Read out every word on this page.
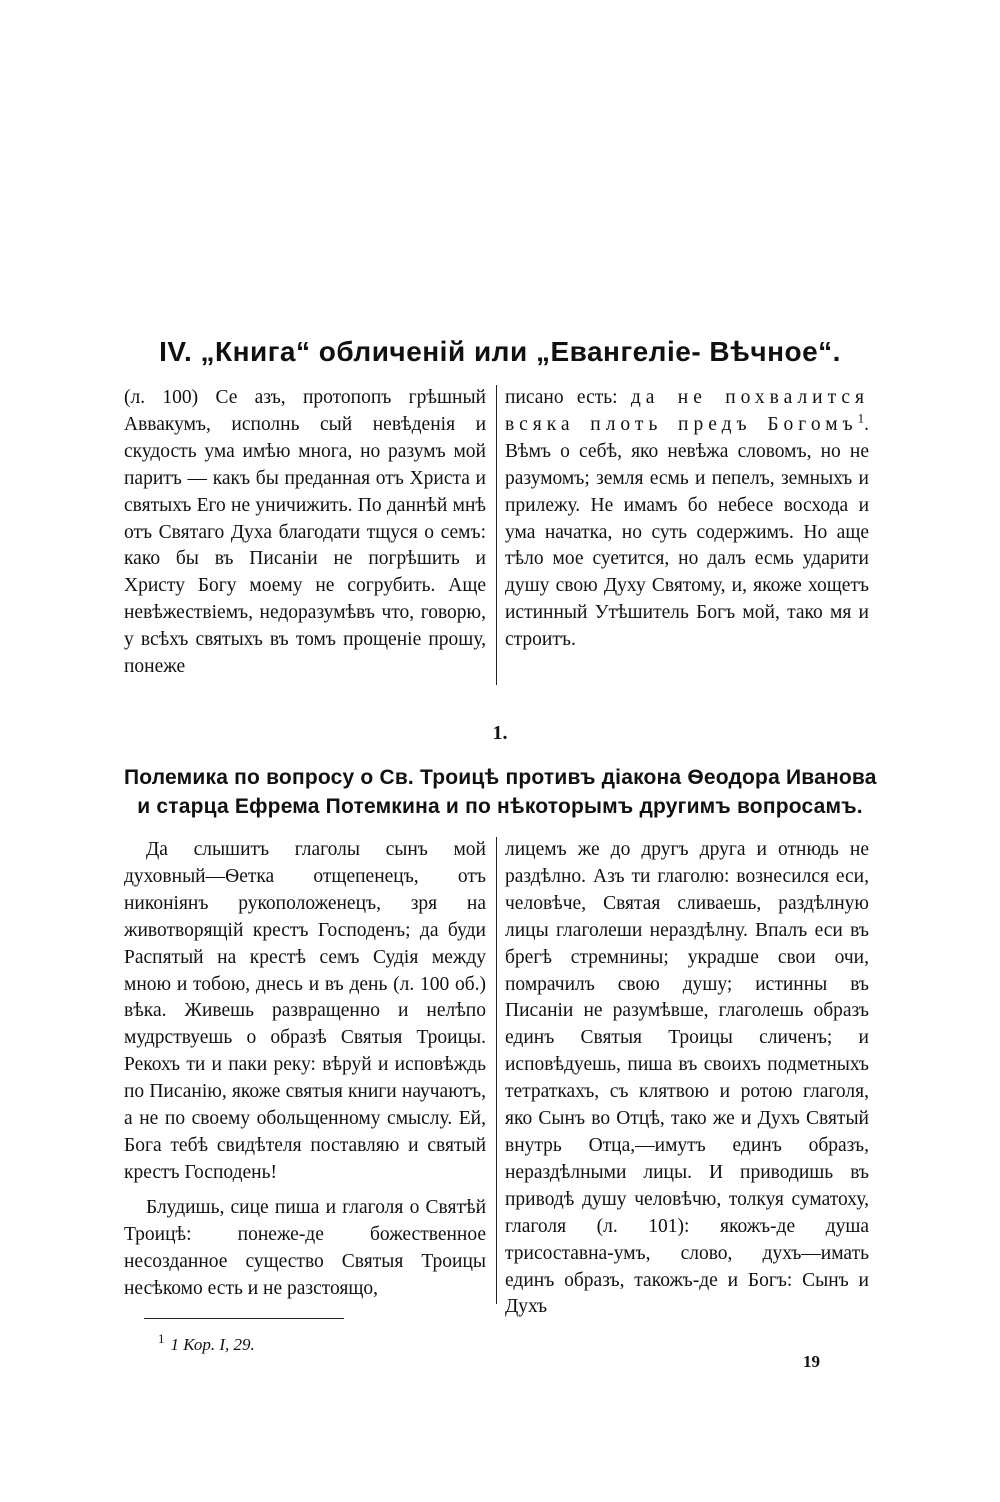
IV. „Книга“ обличеній или „Евангеліе- Вѣчное“.

(л. 100) Се азъ, протопопъ грѣшный Аввакумъ, исполнь сый невѣденія и скудость ума имѣю многа, но разумъ мой паритъ — какъ бы преданная отъ Христа и святыхъ Его не уничижить. По даннѣй мнѣ отъ Святаго Духа благодати тщуся о семъ: како бы въ Писаніи не погрѣшить и Христу Богу моему не согрубить. Аще невѣжествіемъ, недоразумѣвъ что, говорю, у всѣхъ святыхъ въ томъ прощеніе прошу, понеже

писано есть: да не похвалится всяка плоть предъ Богомъ$^1$. Вѣмъ о себѣ, яко невѣжа словомъ, но не разумомъ; земля есмь и пепелъ, земныхъ и прилежу. Не имамъ бо небесе восхода и ума начатка, но суть содержимъ. Но аще тѣло мое суетится, но далъ есмь ударити душу свою Духу Святому, и, якоже хощетъ истинный Утѣшитель Богъ мой, тако мя и строитъ.

1.
Полемика по вопросу о Св. Троицѣ противъ діакона Ѳеодора Иванова
и старца Ефрема Потемкина и по нѣкоторымъ другимъ вопросамъ.

Да слышитъ глаголы сынъ мой духовный—Ѳетка отщепенецъ, отъ никоніянъ рукоположенецъ, зря на животворящій крестъ Господенъ; да буди Распятый на крестѣ семъ Судія между мною и тобою, днесь и въ день (л. 100 об.) вѣка. Живешь развращенно и нелѣпо мудрствуешь о образѣ Святыя Троицы. Рекохъ ти и паки реку: вѣруй и исповѣждь по Писанію, якоже святыя книги научаютъ, а не по своему обольщенному смыслу. Ей, Бога тебѣ свидѣтеля поставляю и святый крестъ Господень!

Блудишь, сице пиша и глаголя о Святѣй Троицѣ: понеже-де божественное несозданное существо Святыя Троицы несѣкомо есть и не разстоящо,

лицемъ же до другъ друга и отнюдь не раздѣлно. Азъ ти глаголю: вознесился еси, человѣче, Святая сливаешь, раздѣлную лицы глаголеши нераздѣлну. Впалъ еси въ брегѣ стремнины; украдше свои очи, помрачилъ свою душу; истинны въ Писаніи не разумѣвше, глаголешь образъ единъ Святыя Троицы сличенъ; и исповѣдуешь, пиша въ своихъ подметныхъ тетраткахъ, съ клятвою и ротою глаголя, яко Сынъ во Отцѣ, тако же и Духъ Святый внутрь Отца,—имутъ единъ образъ, нераздѣлными лицы. И приводишь въ приводѣ душу человѣчю, толкуя суматоху, глаголя (л. 101): якожъ-де душа трисоставна-умъ, слово, духъ—имать единъ образъ, такожъ-де и Богъ: Сынъ и Духъ

$^1$ 1 Кор. I, 29.
19
